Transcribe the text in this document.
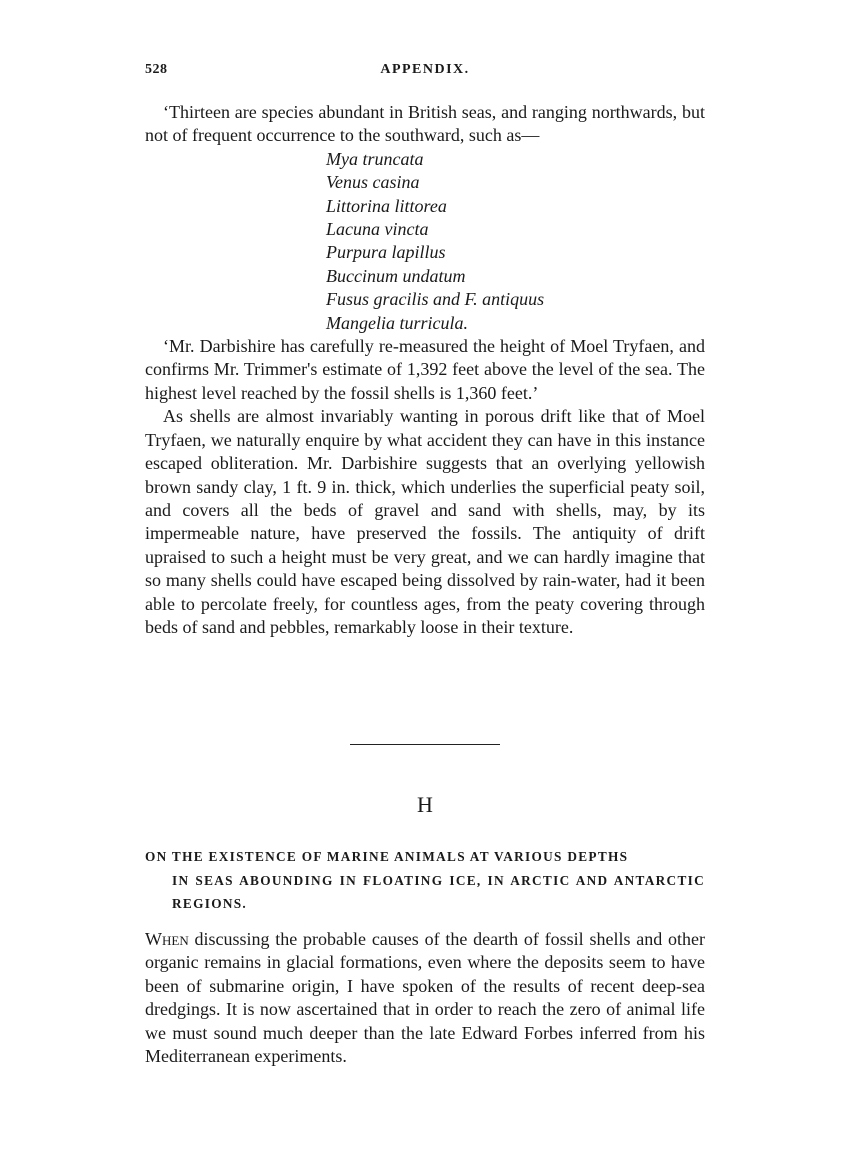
528	APPENDIX.

‘Thirteen are species abundant in British seas, and ranging northwards, but not of frequent occurrence to the southward, such as—

Mya truncata
Venus casina
Littorina littorea
Lacuna vincta
Purpura lapillus
Buccinum undatum
Fusus gracilis and F. antiquus
Mangelia turricula.

‘Mr. Darbishire has carefully re-measured the height of Moel Tryfaen, and confirms Mr. Trimmer's estimate of 1,392 feet above the level of the sea. The highest level reached by the fossil shells is 1,360 feet.’

As shells are almost invariably wanting in porous drift like that of Moel Tryfaen, we naturally enquire by what accident they can have in this instance escaped obliteration. Mr. Darbishire suggests that an overlying yellowish brown sandy clay, 1 ft. 9 in. thick, which underlies the superficial peaty soil, and covers all the beds of gravel and sand with shells, may, by its impermeable nature, have preserved the fossils. The antiquity of drift upraised to such a height must be very great, and we can hardly imagine that so many shells could have escaped being dissolved by rain-water, had it been able to percolate freely, for countless ages, from the peaty covering through beds of sand and pebbles, remarkably loose in their texture.

H
ON THE EXISTENCE OF MARINE ANIMALS AT VARIOUS DEPTHS
IN SEAS ABOUNDING IN FLOATING ICE, IN ARCTIC AND ANTARCTIC REGIONS.

When discussing the probable causes of the dearth of fossil shells and other organic remains in glacial formations, even where the deposits seem to have been of submarine origin, I have spoken of the results of recent deep-sea dredgings. It is now ascertained that in order to reach the zero of animal life we must sound much deeper than the late Edward Forbes inferred from his Mediterranean experiments.
